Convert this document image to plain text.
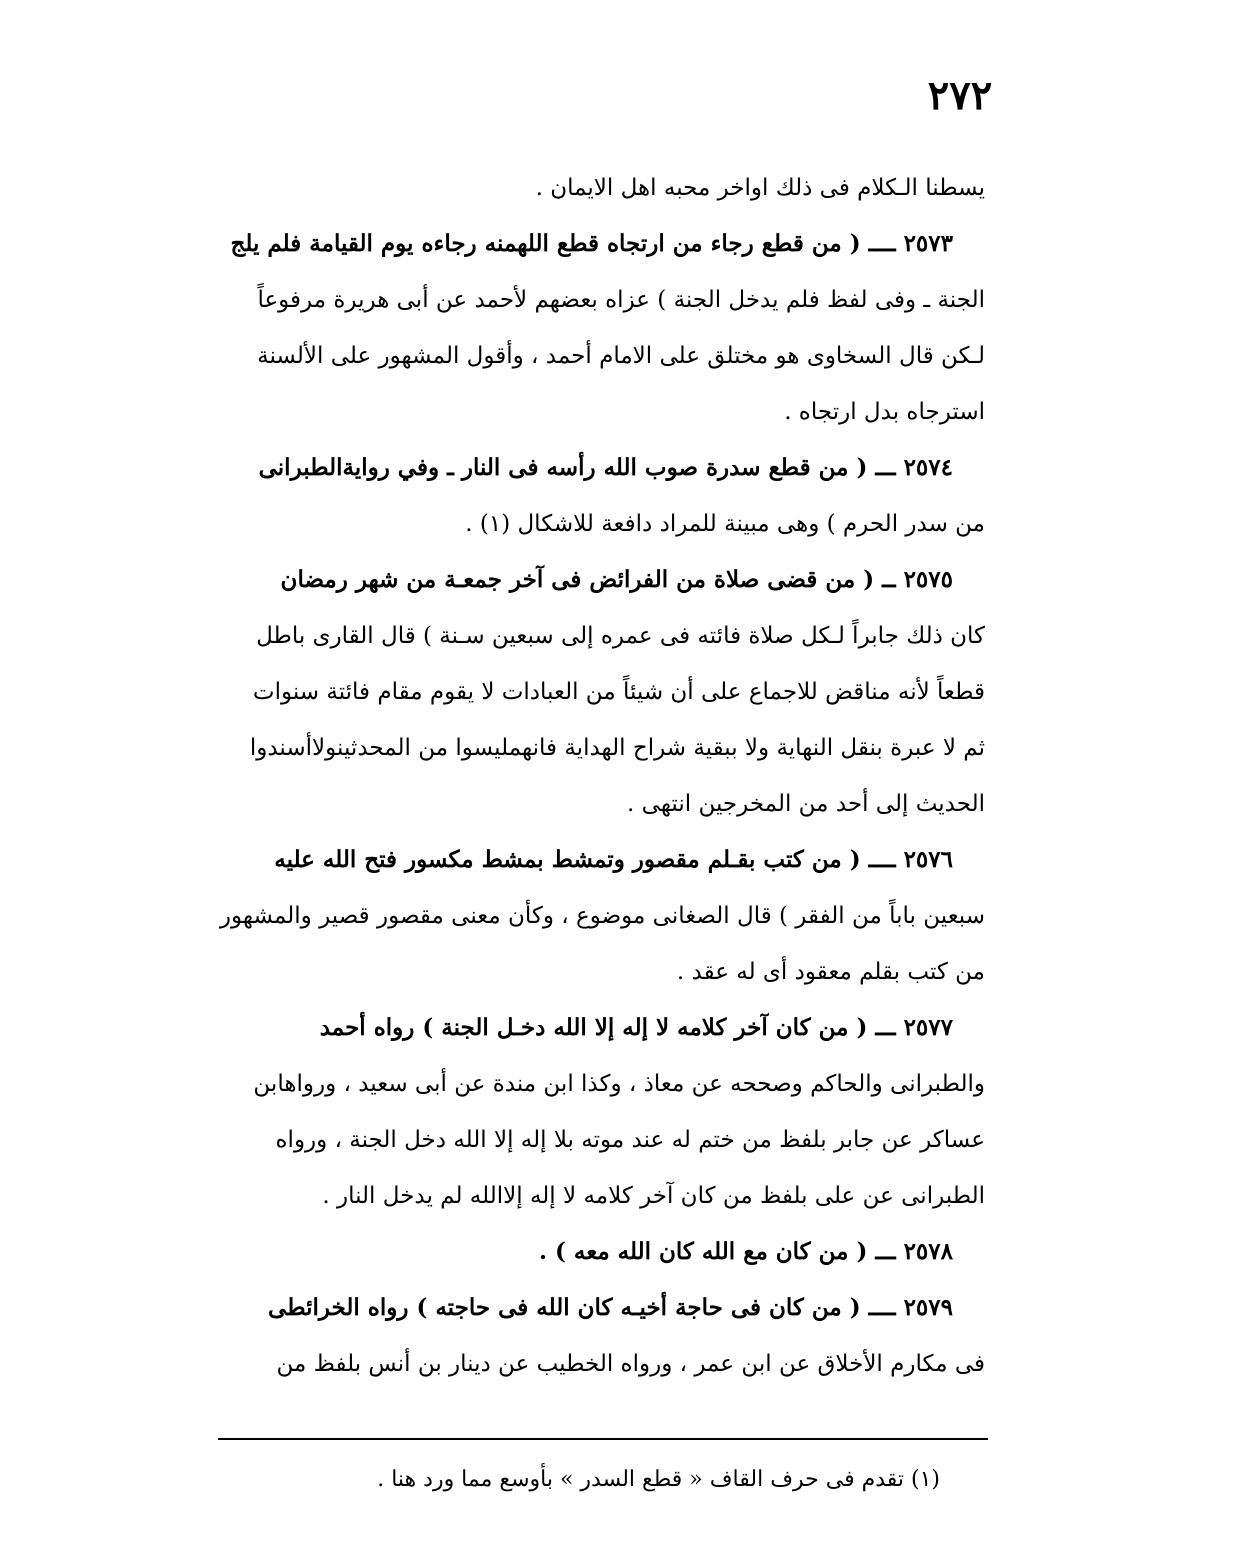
٢٧٢
يسطنا الـكلام فى ذلك اواخر محبه اهل الايمان .
٢٥٧٣ ــــ ( من قطع رجاء من ارتجاه قطع اللهمنه رجاءه يوم القيامة فلم يلج
الجنة ـ وفى لفظ فلم يدخل الجنة ) عزاه بعضهم لأحمد عن أبى هريرة مرفوعاً
لـكن قال السخاوى هو مختلق على الامام أحمد ، وأقول المشهور على الألسنة
استرجاه بدل ارتجاه .
٢٥٧٤ ـــ ( من قطع سدرة صوب الله رأسه فى النار ـ وفي روايةالطبرانى
من سدر الحرم ) وهى مبينة للمراد دافعة للاشكال (١) .
٢٥٧٥ ــ ( من قضى صلاة من الفرائض فى آخر جمعـة من شهر رمضان
كان ذلك جابراً لـكل صلاة فائته فى عمره إلى سبعين سـنة ) قال القارى باطل
قطعاً لأنه مناقض للاجماع على أن شيئاً من العبادات لا يقوم مقام فائتة سنوات
ثم لا عبرة بنقل النهاية ولا ببقية شراح الهداية فانهمليسوا من المحدثينولاأسندوا
الحديث إلى أحد من المخرجين انتهى .
٢٥٧٦ ــــ ( من كتب بقـلم مقصور وتمشط بمشط مكسور فتح الله عليه
سبعين باباً من الفقر ) قال الصغانى موضوع ، وكأن معنى مقصور قصير والمشهور
من كتب بقلم معقود أى له عقد .
٢٥٧٧ ـــ ( من كان آخر كلامه لا إله إلا الله دخـل الجنة ) رواه أحمد
والطبرانى والحاكم وصححه عن معاذ ، وكذا ابن مندة عن أبى سعيد ، ورواهابن
عساكر عن جابر بلفظ من ختم له عند موته بلا إله إلا الله دخل الجنة ، ورواه
الطبرانى عن على بلفظ من كان آخر كلامه لا إله إلاالله لم يدخل النار .
٢٥٧٨ ـــ ( من كان مع الله كان الله معه ) .
٢٥٧٩ ــــ ( من كان فى حاجة أخيـه كان الله فى حاجته ) رواه الخرائطى
فى مكارم الأخلاق عن ابن عمر ، ورواه الخطيب عن دينار بن أنس بلفظ من
(١) تقدم فى حرف القاف « قطع السدر » بأوسع مما ورد هنا .
